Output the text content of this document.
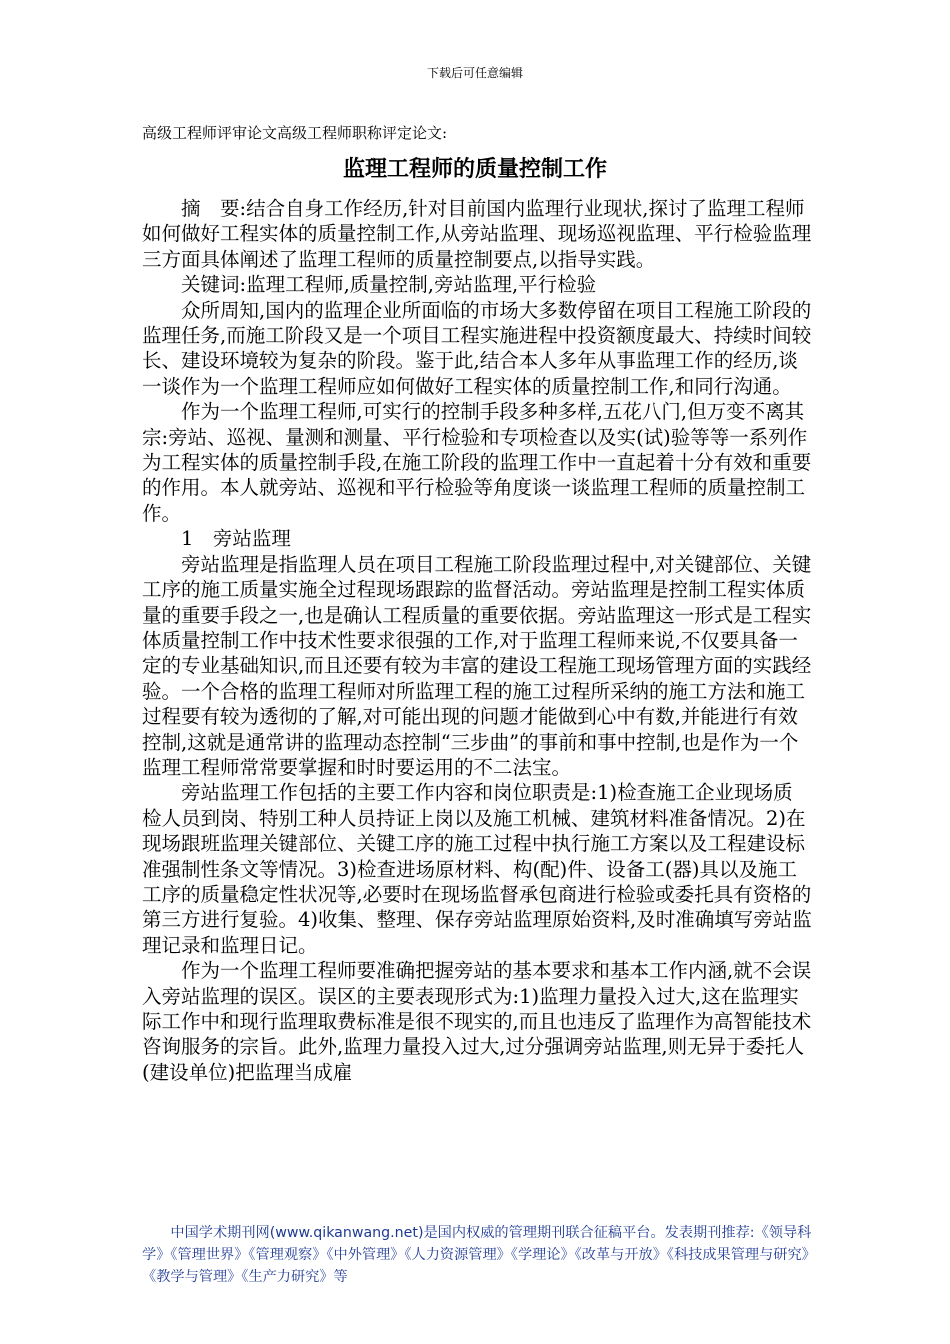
下载后可任意编辑
高级工程师评审论文高级工程师职称评定论文:
监理工程师的质量控制工作

摘　要:结合自身工作经历,针对目前国内监理行业现状,探讨了监理工程师如何做好工程实体的质量控制工作,从旁站监理、现场巡视监理、平行检验监理三方面具体阐述了监理工程师的质量控制要点,以指导实践。

关键词:监理工程师,质量控制,旁站监理,平行检验

众所周知,国内的监理企业所面临的市场大多数停留在项目工程施工阶段的监理任务,而施工阶段又是一个项目工程实施进程中投资额度最大、持续时间较长、建设环境较为复杂的阶段。鉴于此,结合本人多年从事监理工作的经历,谈一谈作为一个监理工程师应如何做好工程实体的质量控制工作,和同行沟通。

作为一个监理工程师,可实行的控制手段多种多样,五花八门,但万变不离其宗:旁站、巡视、量测和测量、平行检验和专项检查以及实(试)验等等一系列作为工程实体的质量控制手段,在施工阶段的监理工作中一直起着十分有效和重要的作用。本人就旁站、巡视和平行检验等角度谈一谈监理工程师的质量控制工作。

1　旁站监理

旁站监理是指监理人员在项目工程施工阶段监理过程中,对关键部位、关键工序的施工质量实施全过程现场跟踪的监督活动。旁站监理是控制工程实体质量的重要手段之一,也是确认工程质量的重要依据。旁站监理这一形式是工程实体质量控制工作中技术性要求很强的工作,对于监理工程师来说,不仅要具备一定的专业基础知识,而且还要有较为丰富的建设工程施工现场管理方面的实践经验。一个合格的监理工程师对所监理工程的施工过程所采纳的施工方法和施工过程要有较为透彻的了解,对可能出现的问题才能做到心中有数,并能进行有效控制,这就是通常讲的监理动态控制“三步曲”的事前和事中控制,也是作为一个监理工程师常常要掌握和时时要运用的不二法宝。

旁站监理工作包括的主要工作内容和岗位职责是:1)检查施工企业现场质检人员到岗、特别工种人员持证上岗以及施工机械、建筑材料准备情况。2)在现场跟班监理关键部位、关键工序的施工过程中执行施工方案以及工程建设标准强制性条文等情况。3)检查进场原材料、构(配)件、设备工(器)具以及施工工序的质量稳定性状况等,必要时在现场监督承包商进行检验或委托具有资格的第三方进行复验。4)收集、整理、保存旁站监理原始资料,及时准确填写旁站监理记录和监理日记。

作为一个监理工程师要准确把握旁站的基本要求和基本工作内涵,就不会误入旁站监理的误区。误区的主要表现形式为:1)监理力量投入过大,这在监理实际工作中和现行监理取费标准是很不现实的,而且也违反了监理作为高智能技术咨询服务的宗旨。此外,监理力量投入过大,过分强调旁站监理,则无异于委托人(建设单位)把监理当成雇

中国学术期刊网(www.qikanwang.net)是国内权威的管理期刊联合征稿平台。发表期刊推荐:《领导科学》《管理世界》《管理观察》《中外管理》《人力资源管理》《学理论》《改革与开放》《科技成果管理与研究》《教学与管理》《生产力研究》等
